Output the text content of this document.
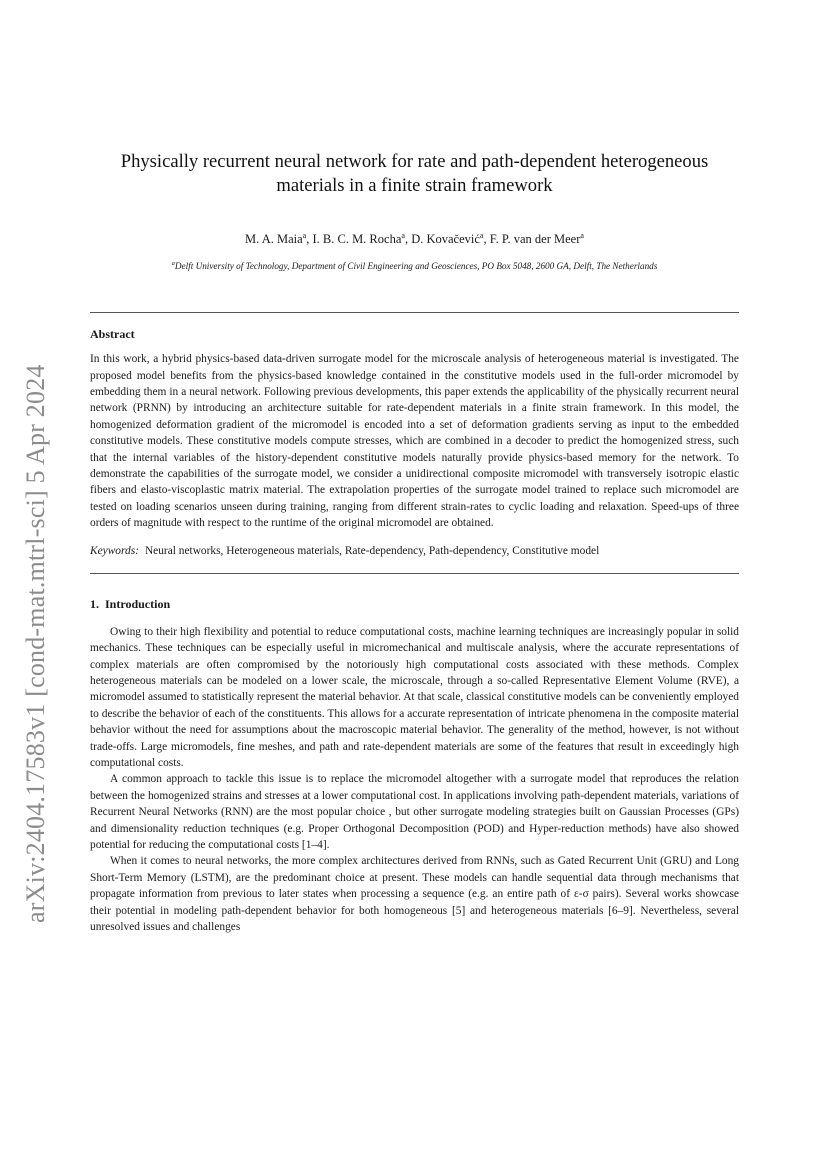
arXiv:2404.17583v1 [cond-mat.mtrl-sci] 5 Apr 2024
Physically recurrent neural network for rate and path-dependent heterogeneous materials in a finite strain framework
M. A. Maia$^a$, I. B. C. M. Rocha$^a$, D. Kovačević$^a$, F. P. van der Meer$^a$
$^a$Delft University of Technology, Department of Civil Engineering and Geosciences, PO Box 5048, 2600 GA, Delft, The Netherlands
Abstract
In this work, a hybrid physics-based data-driven surrogate model for the microscale analysis of heterogeneous material is investigated. The proposed model benefits from the physics-based knowledge contained in the constitutive models used in the full-order micromodel by embedding them in a neural network. Following previous developments, this paper extends the applicability of the physically recurrent neural network (PRNN) by introducing an architecture suitable for rate-dependent materials in a finite strain framework. In this model, the homogenized deformation gradient of the micromodel is encoded into a set of deformation gradients serving as input to the embedded constitutive models. These constitutive models compute stresses, which are combined in a decoder to predict the homogenized stress, such that the internal variables of the history-dependent constitutive models naturally provide physics-based memory for the network. To demonstrate the capabilities of the surrogate model, we consider a unidirectional composite micromodel with transversely isotropic elastic fibers and elasto-viscoplastic matrix material. The extrapolation properties of the surrogate model trained to replace such micromodel are tested on loading scenarios unseen during training, ranging from different strain-rates to cyclic loading and relaxation. Speed-ups of three orders of magnitude with respect to the runtime of the original micromodel are obtained.
Keywords: Neural networks, Heterogeneous materials, Rate-dependency, Path-dependency, Constitutive model
1. Introduction

Owing to their high flexibility and potential to reduce computational costs, machine learning techniques are increasingly popular in solid mechanics. These techniques can be especially useful in micromechanical and multiscale analysis, where the accurate representations of complex materials are often compromised by the notoriously high computational costs associated with these methods. Complex heterogeneous materials can be modeled on a lower scale, the microscale, through a so-called Representative Element Volume (RVE), a micromodel assumed to statistically represent the material behavior. At that scale, classical constitutive models can be conveniently employed to describe the behavior of each of the constituents. This allows for a accurate representation of intricate phenomena in the composite material behavior without the need for assumptions about the macroscopic material behavior. The generality of the method, however, is not without trade-offs. Large micromodels, fine meshes, and path and rate-dependent materials are some of the features that result in exceedingly high computational costs.

A common approach to tackle this issue is to replace the micromodel altogether with a surrogate model that reproduces the relation between the homogenized strains and stresses at a lower computational cost. In applications involving path-dependent materials, variations of Recurrent Neural Networks (RNN) are the most popular choice , but other surrogate modeling strategies built on Gaussian Processes (GPs) and dimensionality reduction techniques (e.g. Proper Orthogonal Decomposition (POD) and Hyper-reduction methods) have also showed potential for reducing the computational costs [1–4].

When it comes to neural networks, the more complex architectures derived from RNNs, such as Gated Recurrent Unit (GRU) and Long Short-Term Memory (LSTM), are the predominant choice at present. These models can handle sequential data through mechanisms that propagate information from previous to later states when processing a sequence (e.g. an entire path of ε-σ pairs). Several works showcase their potential in modeling path-dependent behavior for both homogeneous [5] and heterogeneous materials [6–9]. Nevertheless, several unresolved issues and challenges
